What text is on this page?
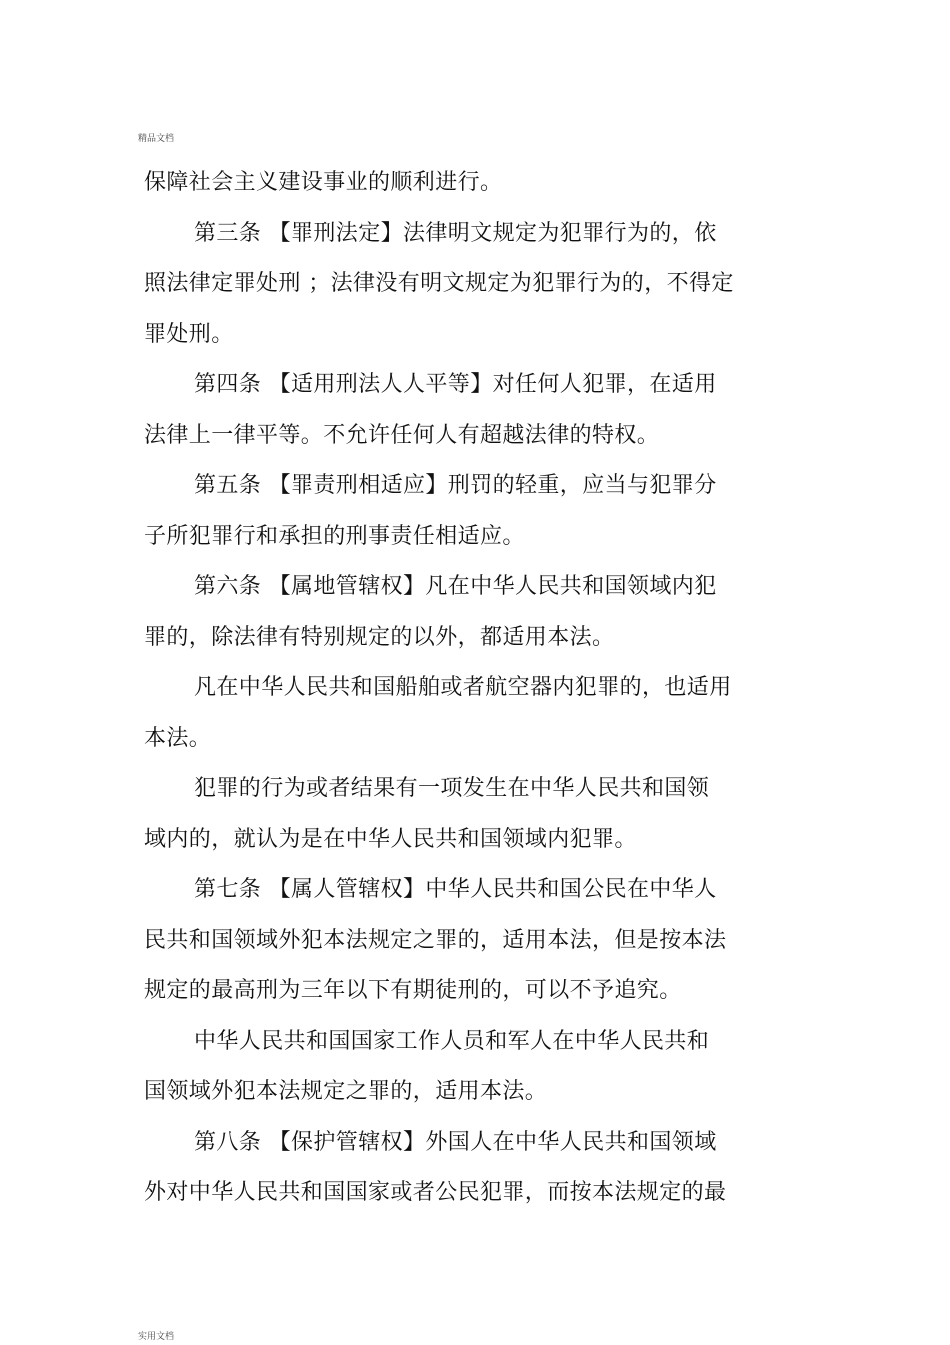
精品文档
保障社会主义建设事业的顺利进行。
第三条 【罪刑法定】法律明文规定为犯罪行为的，依
照法律定罪处刑 ；法律没有明文规定为犯罪行为的，不得定
罪处刑。
第四条 【适用刑法人人平等】对任何人犯罪，在适用
法律上一律平等。不允许任何人有超越法律的特权。
第五条 【罪责刑相适应】刑罚的轻重，应当与犯罪分
子所犯罪行和承担的刑事责任相适应。
第六条 【属地管辖权】凡在中华人民共和国领域内犯
罪的，除法律有特别规定的以外，都适用本法。
凡在中华人民共和国船舶或者航空器内犯罪的，也适用
本法。
犯罪的行为或者结果有一项发生在中华人民共和国领
域内的，就认为是在中华人民共和国领域内犯罪。
第七条 【属人管辖权】中华人民共和国公民在中华人
民共和国领域外犯本法规定之罪的，适用本法，但是按本法
规定的最高刑为三年以下有期徒刑的，可以不予追究。
中华人民共和国国家工作人员和军人在中华人民共和
国领域外犯本法规定之罪的，适用本法。
第八条 【保护管辖权】外国人在中华人民共和国领域
外对中华人民共和国国家或者公民犯罪，而按本法规定的最
实用文档
